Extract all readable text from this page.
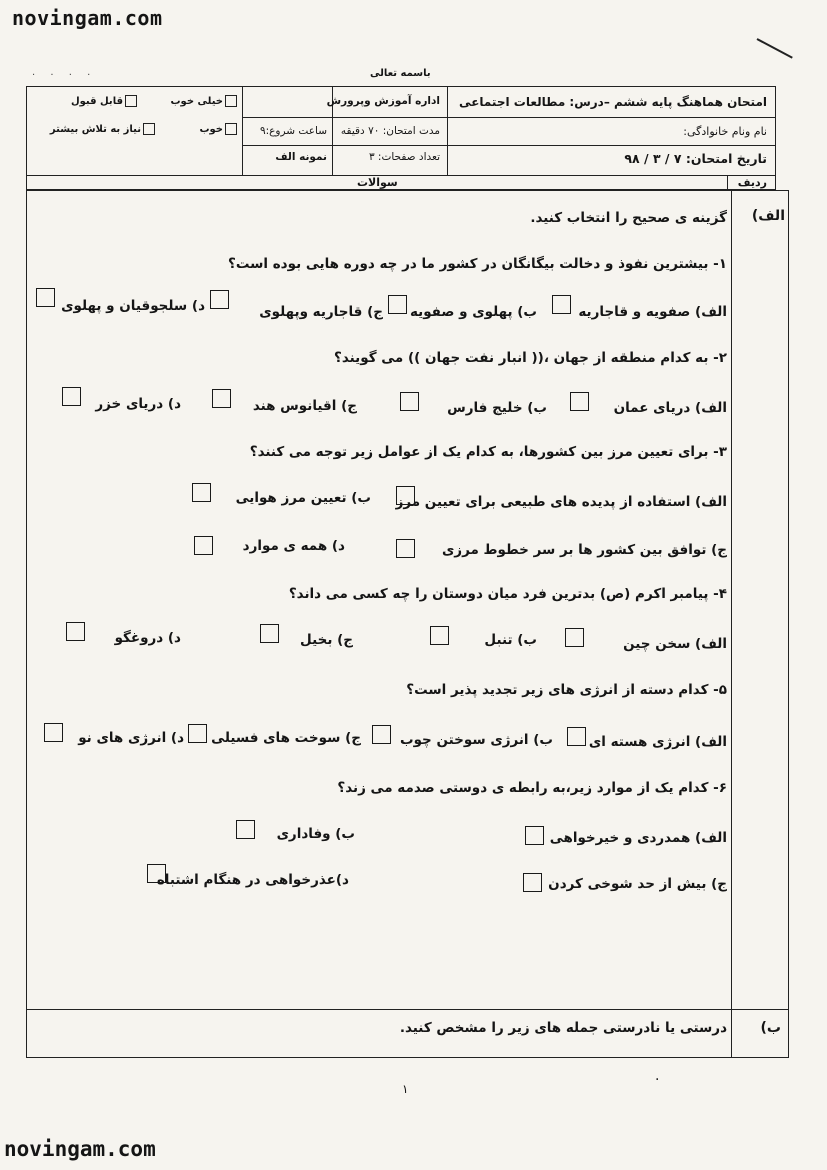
novingam.com
· · · ·	باسمه تعالی
امتحان هماهنگ پایه ششم –درس: مطالعات اجتماعی
نام ونام خانوادگی:
تاریخ امتحان: ۷ / ۳ / ۹۸
اداره آموزش وپرورش
مدت امتحان: ۷۰ دقیقه
تعداد صفحات: ۳
ساعت شروع:۹
نمونه الف
خیلی خوب
قابل قبول
خوب
نیاز به تلاش بیشتر
ردیف
سوالات
الف)
گزینه ی صحیح را انتخاب کنید.
۱- بیشترین نفوذ و دخالت بیگانگان در کشور ما در چه دوره هایی بوده است؟
الف) صفویه و قاجاریه
ب) پهلوی و صفویه
ج) قاجاریه وپهلوی
د) سلجوقیان و پهلوی
۲- به کدام منطقه از جهان ،(( انبار نفت جهان )) می گویند؟
الف) دریای عمان
ب) خلیج فارس
ج) اقیانوس هند
د) دریای خزر
۳- برای تعیین مرز بین کشورها، به کدام یک از عوامل زیر توجه می کنند؟
الف) استفاده از پدیده های طبیعی برای تعیین مرز
ب) تعیین مرز هوایی
ج) توافق بین کشور ها بر سر خطوط مرزی
د) همه ی موارد
۴- پیامبر اکرم (ص) بدترین فرد میان دوستان را چه کسی می داند؟
الف) سخن چین
ب) تنبل
ج) بخیل
د) دروغگو
۵- کدام دسته از انرژی های زیر تجدید پذیر است؟
الف) انرژی هسته ای
ب) انرژی سوختن چوب
ج) سوخت های فسیلی
د) انرژی های نو
۶- کدام یک از موارد زیر،به رابطه ی دوستی صدمه می زند؟
الف) همدردی و خیرخواهی
ب) وفاداری
ج) بیش از حد شوخی کردن
د)عذرخواهی در هنگام اشتباه
ب)
درستی یا نادرستی جمله های زیر را مشخص کنید.
·
۱
novingam.com
